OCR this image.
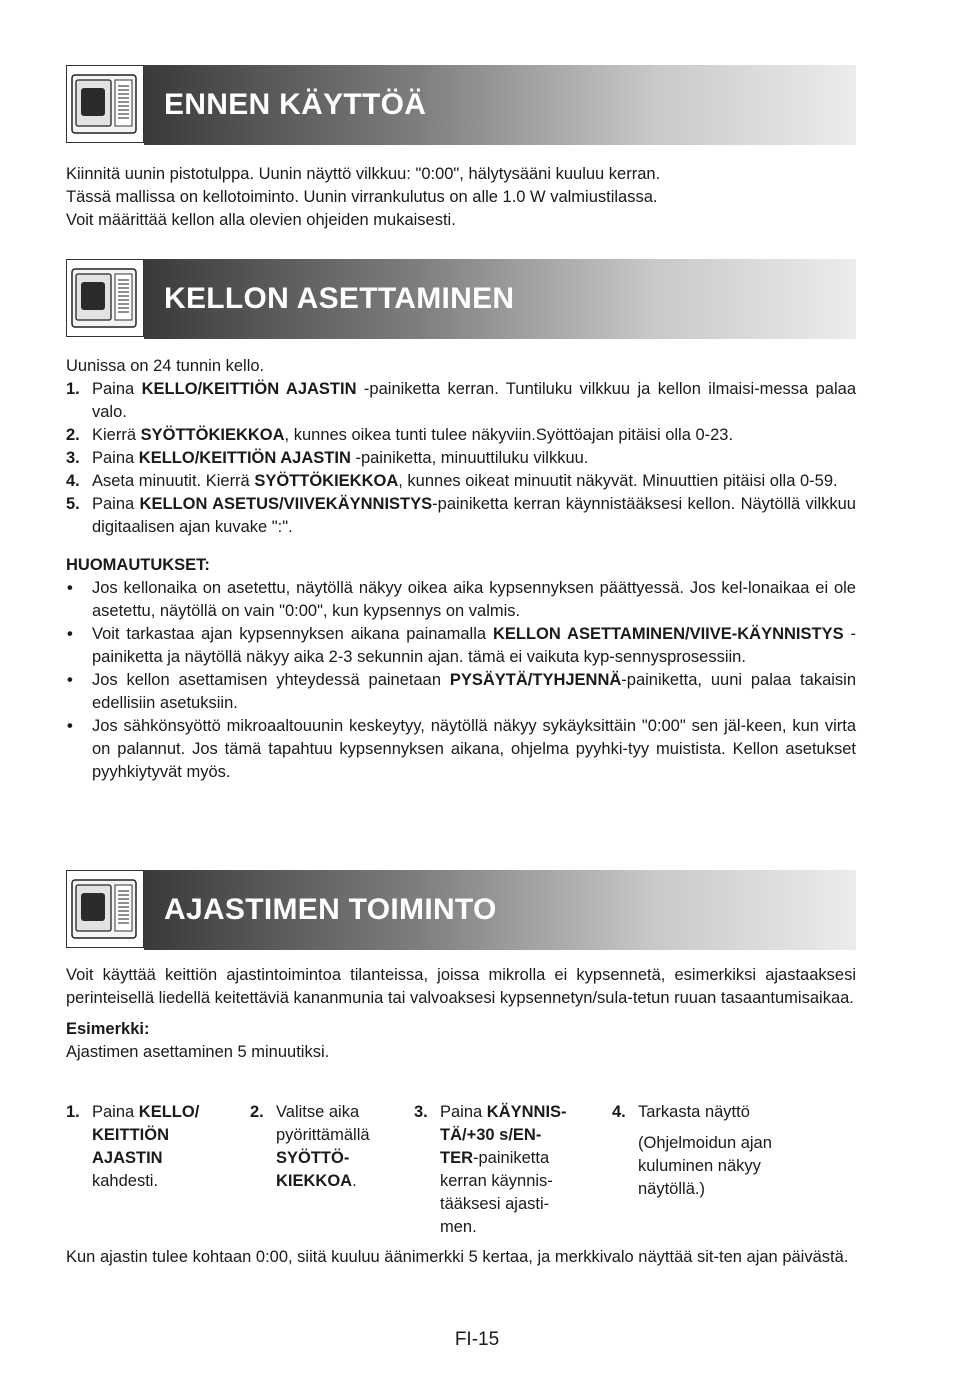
ENNEN KÄYTTÖÄ

Kiinnitä uunin pistotulppa. Uunin näyttö vilkkuu: "0:00", hälytysääni kuuluu kerran.

Tässä mallissa on kellotoiminto. Uunin virrankulutus on alle 1.0 W valmiustilassa.

Voit määrittää kellon alla olevien ohjeiden mukaisesti.

KELLON ASETTAMINEN

Uunissa on 24 tunnin kello.

1. Paina KELLO/KEITTIÖN AJASTIN -painiketta kerran. Tuntiluku vilkkuu ja kellon ilmaisi-messa palaa valo.
2. Kierrä SYÖTTÖKIEKKOA, kunnes oikea tunti tulee näkyviin.Syöttöajan pitäisi olla 0-23.
3. Paina KELLO/KEITTIÖN AJASTIN -painiketta, minuuttiluku vilkkuu.
4. Aseta minuutit. Kierrä SYÖTTÖKIEKKOA, kunnes oikeat minuutit näkyvät. Minuuttien pitäisi olla 0-59.
5. Paina KELLON ASETUS/VIIVEKÄYNNISTYS-painiketta kerran käynnistääksesi kellon. Näytöllä vilkkuu digitaalisen ajan kuvake ":".

HUOMAUTUKSET:

• Jos kellonaika on asetettu, näytöllä näkyy oikea aika kypsennyksen päättyessä. Jos kel-lonaikaa ei ole asetettu, näytöllä on vain "0:00", kun kypsennys on valmis.
• Voit tarkastaa ajan kypsennyksen aikana painamalla KELLON ASETTAMINEN/VIIVE-KÄYNNISTYS -painiketta ja näytöllä näkyy aika 2-3 sekunnin ajan. tämä ei vaikuta kyp-sennysprosessiin.
• Jos kellon asettamisen yhteydessä painetaan PYSÄYTÄ/TYHJENNÄ-painiketta, uuni palaa takaisin edellisiin asetuksiin.
• Jos sähkönsyöttö mikroaaltouunin keskeytyy, näytöllä näkyy sykäyksittäin "0:00" sen jäl-keen, kun virta on palannut. Jos tämä tapahtuu kypsennyksen aikana, ohjelma pyyhki-tyy muistista. Kellon asetukset pyyhkiytyvät myös.
AJASTIMEN TOIMINTO

Voit käyttää keittiön ajastintoimintoa tilanteissa, joissa mikrolla ei kypsennetä, esimerkiksi ajastaaksesi perinteisellä liedellä keitettäviä kananmunia tai valvoaksesi kypsennetyn/sula-tetun ruuan tasaantumisaikaa.

Esimerkki:

Ajastimen asettaminen 5 minuutiksi.

1. Paina KELLO/
KEITTIÖN
AJASTIN
kahdesti.
2. Valitse aika
pyörittämällä
SYÖTTÖ-
KIEKKOA.
3. Paina KÄYNNIS-
TÄ/+30 s/EN-
TER-painiketta
kerran käynnis-
tääksesi ajasti-
men.
4. Tarkasta näyttö
(Ohjelmoidun ajan
kuluminen näkyy
näytöllä.)

Kun ajastin tulee kohtaan 0:00, siitä kuuluu äänimerkki 5 kertaa, ja merkkivalo näyttää sit-ten ajan päivästä.

FI-15
